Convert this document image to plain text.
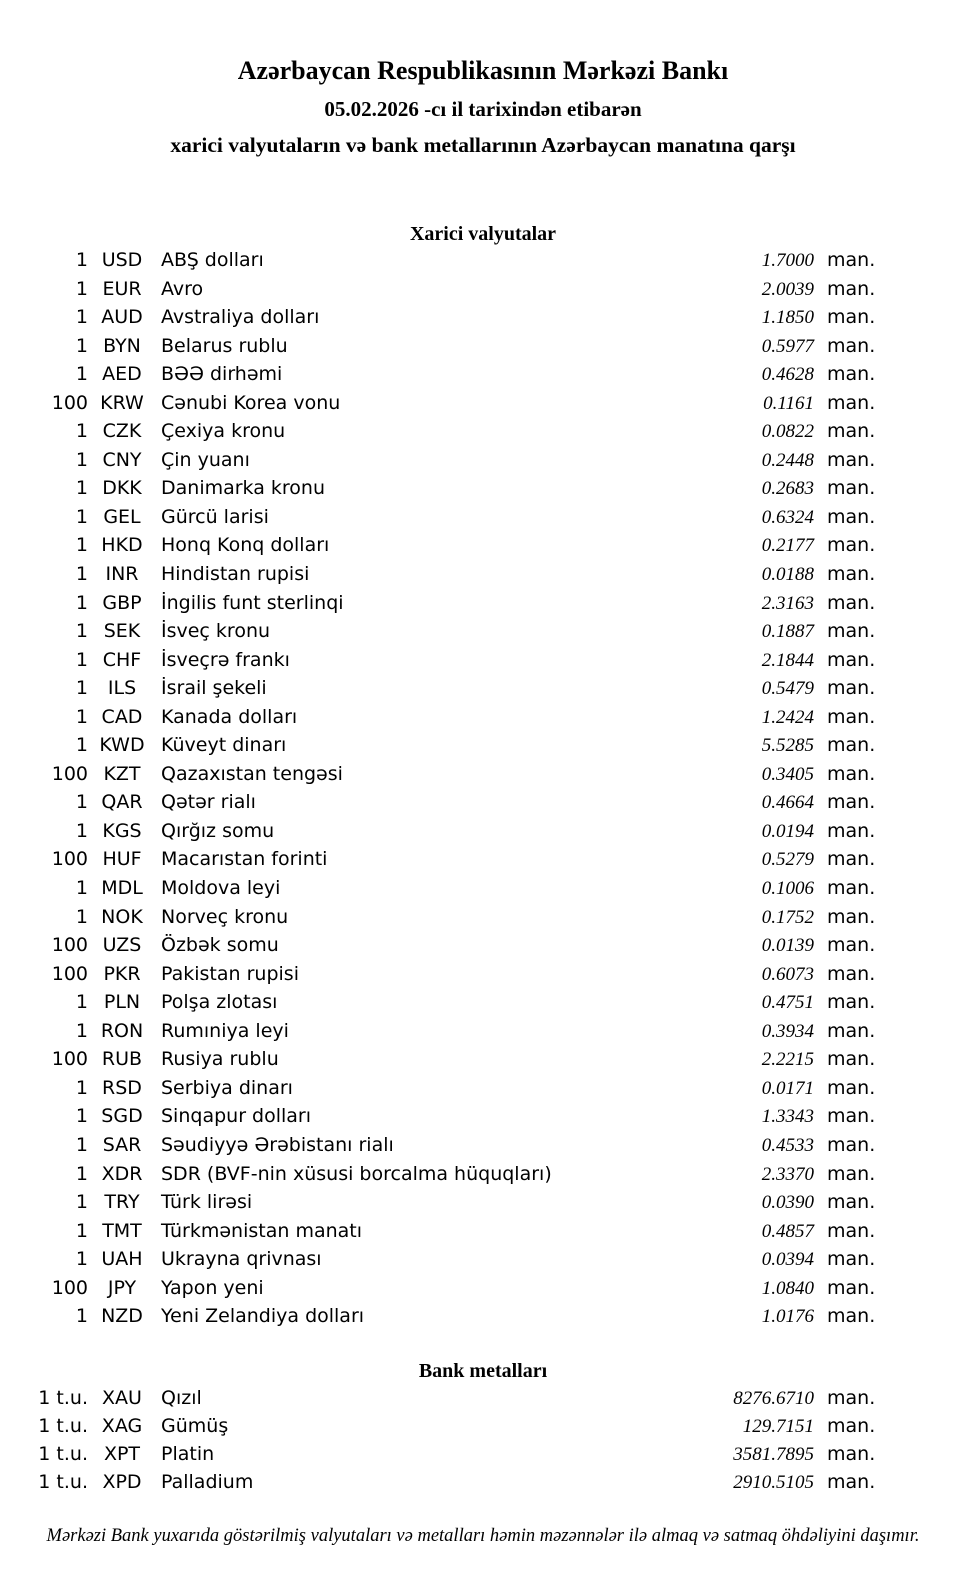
Azərbaycan Respublikasının Mərkəzi Bankı
05.02.2026 -cı il tarixindən etibarən
xarici valyutaların və bank metallarının Azərbaycan manatına qarşı
Xarici valyutalar
1 USD ABŞ dolları	1.7000 man.
1 EUR	Avro	2.0039 man.
1 AUD Avstraliya dolları	1.1850 man.
1 BYN	Belarus rublu	0.5977 man.
1 AED	BƏƏ dirhəmi	0.4628 man.
100 KRW Cənubi Korea vonu	0.1161 man.
1 CZK	Çexiya kronu	0.0822 man.
1 CNY	Çin yuanı	0.2448 man.
1 DKK	Danimarka kronu	0.2683 man.
1 GEL	Gürcü larisi	0.6324 man.
1 HKD Honq Konq dolları	0.2177 man.
1 INR	Hindistan rupisi	0.0188 man.
1 GBP	İngilis funt sterlinqi	2.3163 man.
1 SEK	İsveç kronu	0.1887 man.
1 CHF	İsveçrə frankı	2.1844 man.
1	ILS	İsrail şekeli	0.5479 man.
1 CAD Kanada dolları	1.2424 man.
1 KWD Küveyt dinarı	5.5285 man.
100 KZT	Qazaxıstan tengəsi	0.3405 man.
1 QAR Qətər rialı	0.4664 man.
1 KGS	Qırğız somu	0.0194 man.
100 HUF	Macarıstan forinti	0.5279 man.
1 MDL Moldova leyi	0.1006 man.
1 NOK Norveç kronu	0.1752 man.
100 UZS	Özbək somu	0.0139 man.
100 PKR	Pakistan rupisi	0.6073 man.
1 PLN	Polşa zlotası	0.4751 man.
1 RON Rumıniya leyi	0.3934 man.
100 RUB Rusiya rublu	2.2215 man.
1 RSD	Serbiya dinarı	0.0171 man.
1 SGD Sinqapur dolları	1.3343 man.
1 SAR	Səudiyyə Ərəbistanı rialı	0.4533 man.
1 XDR SDR (BVF-nin xüsusi borcalma hüquqları)	2.3370 man.
1 TRY	Türk lirəsi	0.0390 man.
1 TMT	Türkmənistan manatı	0.4857 man.
1 UAH Ukrayna qrivnası	0.0394 man.
100	JPY	Yapon yeni	1.0840 man.
1 NZD Yeni Zelandiya dolları	1.0176 man.
Bank metalları
1 t.u. XAU	Qızıl	8276.6710 man.
1 t.u. XAG Gümüş	129.7151 man.
1 t.u. XPT	Platin	3581.7895 man.
1 t.u. XPD	Palladium	2910.5105 man.
Mərkəzi Bank yuxarıda göstərilmiş valyutaları və metalları həmin məzənnələr ilə almaq və satmaq öhdəliyini daşımır.
